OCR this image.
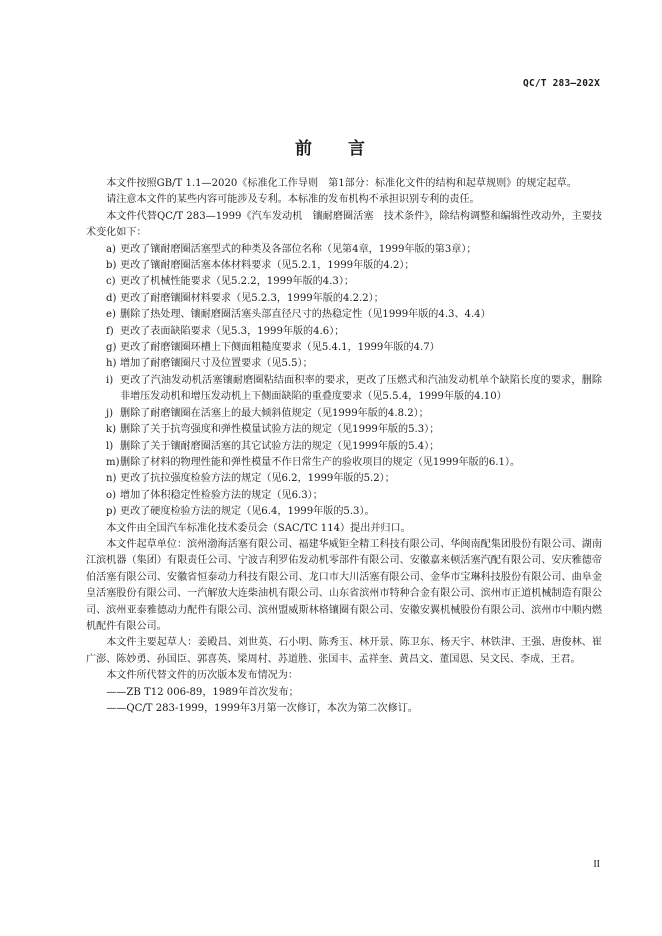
QC/T 283—202X
前 言

本文件按照GB/T 1.1—2020《标准化工作导则　第1部分：标准化文件的结构和起草规则》的规定起草。

请注意本文件的某些内容可能涉及专利。本标准的发布机构不承担识别专利的责任。

本文件代替QC/T 283—1999《汽车发动机　镶耐磨圈活塞　技术条件》，除结构调整和编辑性改动外，主要技术变化如下：

a) 更改了镶耐磨圈活塞型式的种类及各部位名称（见第4章，1999年版的第3章）；
b) 更改了镶耐磨圈活塞本体材料要求（见5.2.1，1999年版的4.2）；
c) 更改了机械性能要求（见5.2.2，1999年版的4.3）；
d) 更改了耐磨镶圈材料要求（见5.2.3，1999年版的4.2.2）；
e) 删除了热处理、镶耐磨圈活塞头部直径尺寸的热稳定性（见1999年版的4.3、4.4）
f) 更改了表面缺陷要求（见5.3，1999年版的4.6）；
g) 更改了耐磨镶圈环槽上下侧面粗糙度要求（见5.4.1，1999年版的4.7）
h) 增加了耐磨镶圈尺寸及位置要求（见5.5）；
i) 更改了汽油发动机活塞镶耐磨圈粘结面积率的要求，更改了压燃式和汽油发动机单个缺陷长度的要求，删除非增压发动机和增压发动机上下侧面缺陷的重叠度要求（见5.5.4，1999年版的4.10）
j) 删除了耐磨镶圈在活塞上的最大倾斜值规定（见1999年版的4.8.2）；
k) 删除了关于抗弯强度和弹性模量试验方法的规定（见1999年版的5.3）；
l) 删除了关于镶耐磨圈活塞的其它试验方法的规定（见1999年版的5.4）；
m) 删除了材料的物理性能和弹性模量不作日常生产的验收项目的规定（见1999年版的6.1）。
n) 更改了抗拉强度检验方法的规定（见6.2，1999年版的5.2）；
o) 增加了体积稳定性检验方法的规定（见6.3）；
p) 更改了硬度检验方法的规定（见6.4，1999年版的5.3）。

本文件由全国汽车标准化技术委员会（SAC/TC 114）提出并归口。

本文件起草单位：滨州渤海活塞有限公司、福建华威钜全精工科技有限公司、华闽南配集团股份有限公司、湖南江滨机器（集团）有限责任公司、宁波吉利罗佑发动机零部件有限公司、安徽嘉来顿活塞汽配有限公司、安庆雅德帝伯活塞有限公司、安徽省恒泰动力科技有限公司、龙口市大川活塞有限公司、金华市宝琳科技股份有限公司、曲阜金皇活塞股份有限公司、一汽解放大连柴油机有限公司、山东省滨州市特种合金有限公司、滨州市正道机械制造有限公司、滨州亚泰雅德动力配件有限公司、滨州盟威斯林格镶圈有限公司、安徽安翼机械股份有限公司、滨州市中顺内燃机配件有限公司。

本文件主要起草人：姜殿昌、刘世英、石小明、陈秀玉、林开景、陈卫东、杨天宇、林铁津、王强、唐俊林、崔广澎、陈妙勇、孙国臣、郭喜英、梁周村、苏道胜、张国丰、孟祥奎、黄昌文、董国恩、吴文民、李成、王君。

本文件所代替文件的历次版本发布情况为：

——ZB T12 006-89，1989年首次发布；

——QC/T 283-1999，1999年3月第一次修订，本次为第二次修订。

II
